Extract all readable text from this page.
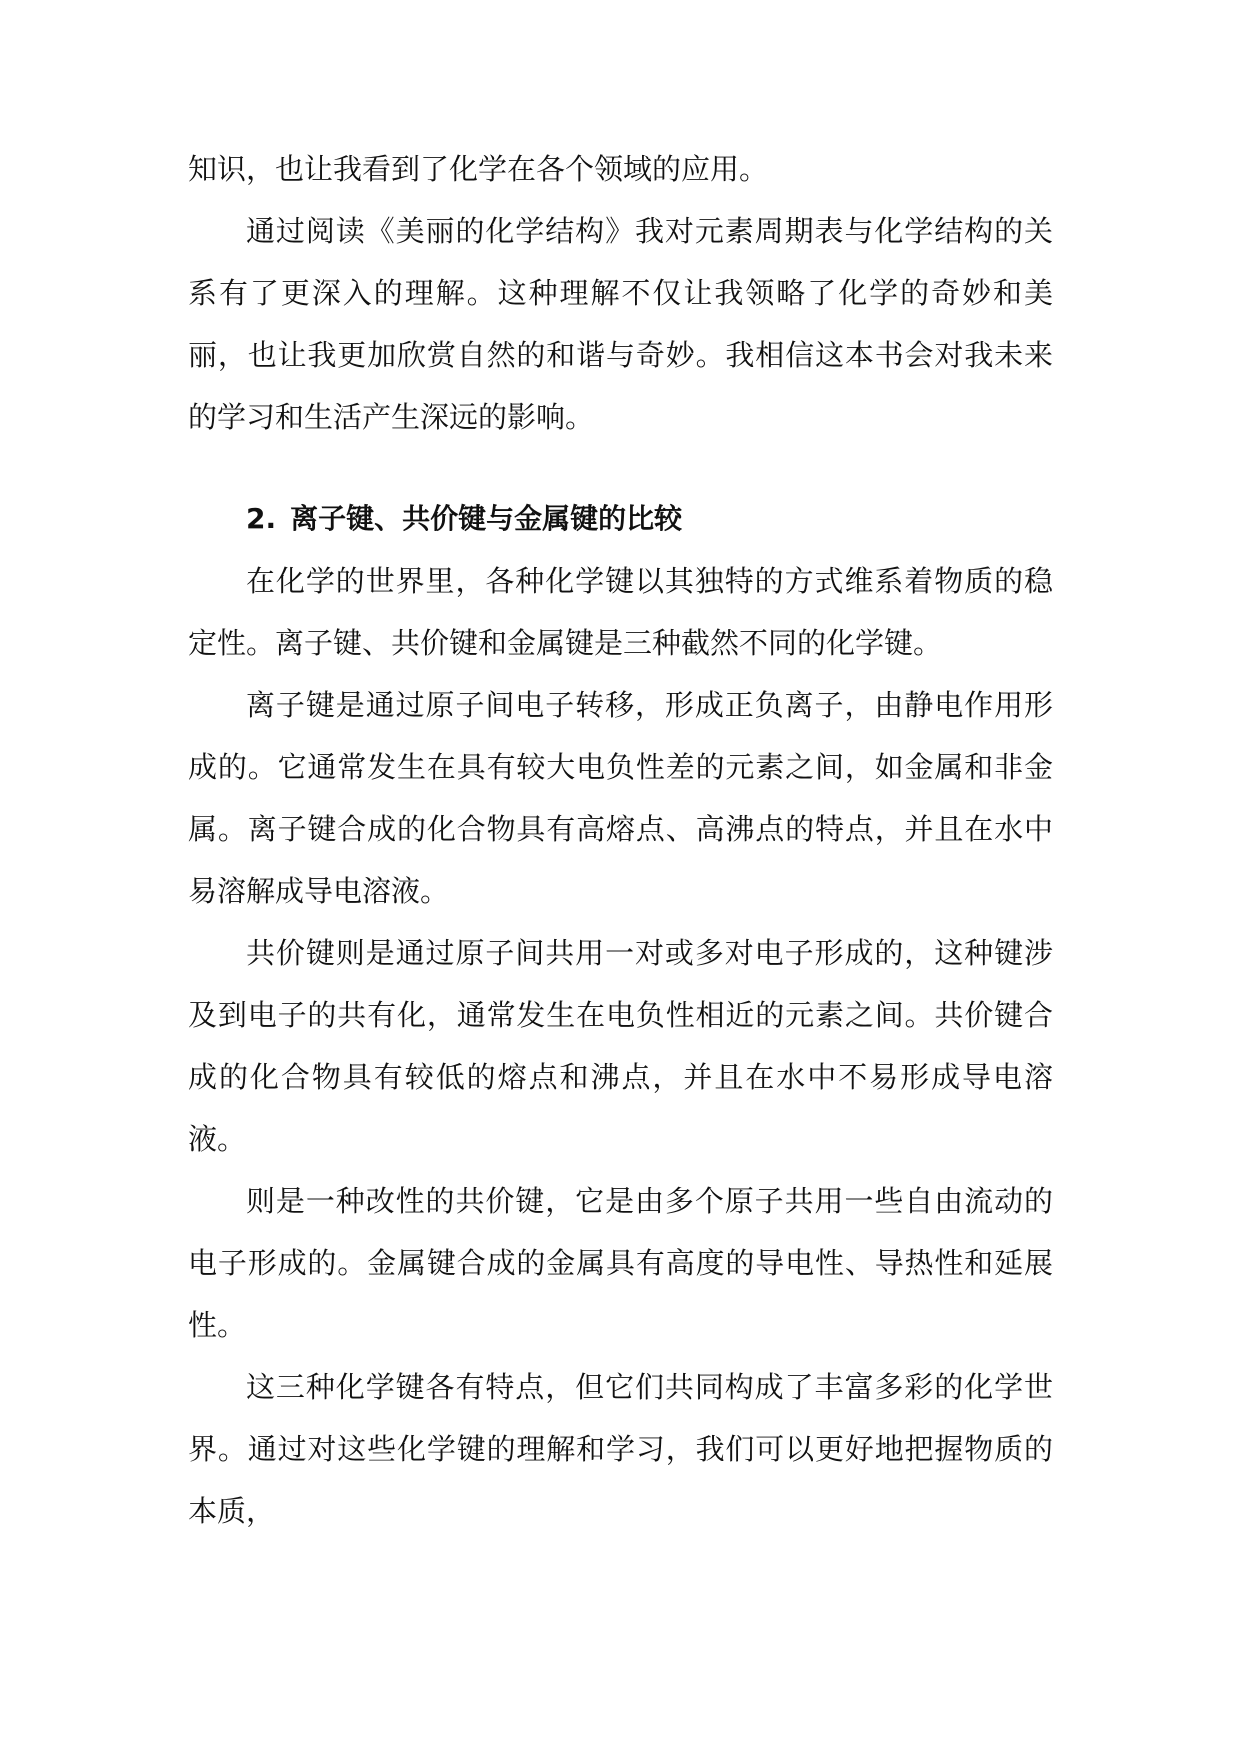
知识，也让我看到了化学在各个领域的应用。

通过阅读《美丽的化学结构》我对元素周期表与化学结构的关系有了更深入的理解。这种理解不仅让我领略了化学的奇妙和美丽，也让我更加欣赏自然的和谐与奇妙。我相信这本书会对我未来的学习和生活产生深远的影响。

2. 离子键、共价键与金属键的比较

在化学的世界里，各种化学键以其独特的方式维系着物质的稳定性。离子键、共价键和金属键是三种截然不同的化学键。

离子键是通过原子间电子转移，形成正负离子，由静电作用形成的。它通常发生在具有较大电负性差的元素之间，如金属和非金属。离子键合成的化合物具有高熔点、高沸点的特点，并且在水中易溶解成导电溶液。

共价键则是通过原子间共用一对或多对电子形成的，这种键涉及到电子的共有化，通常发生在电负性相近的元素之间。共价键合成的化合物具有较低的熔点和沸点，并且在水中不易形成导电溶液。

则是一种改性的共价键，它是由多个原子共用一些自由流动的电子形成的。金属键合成的金属具有高度的导电性、导热性和延展性。

这三种化学键各有特点，但它们共同构成了丰富多彩的化学世界。通过对这些化学键的理解和学习，我们可以更好地把握物质的本质，
